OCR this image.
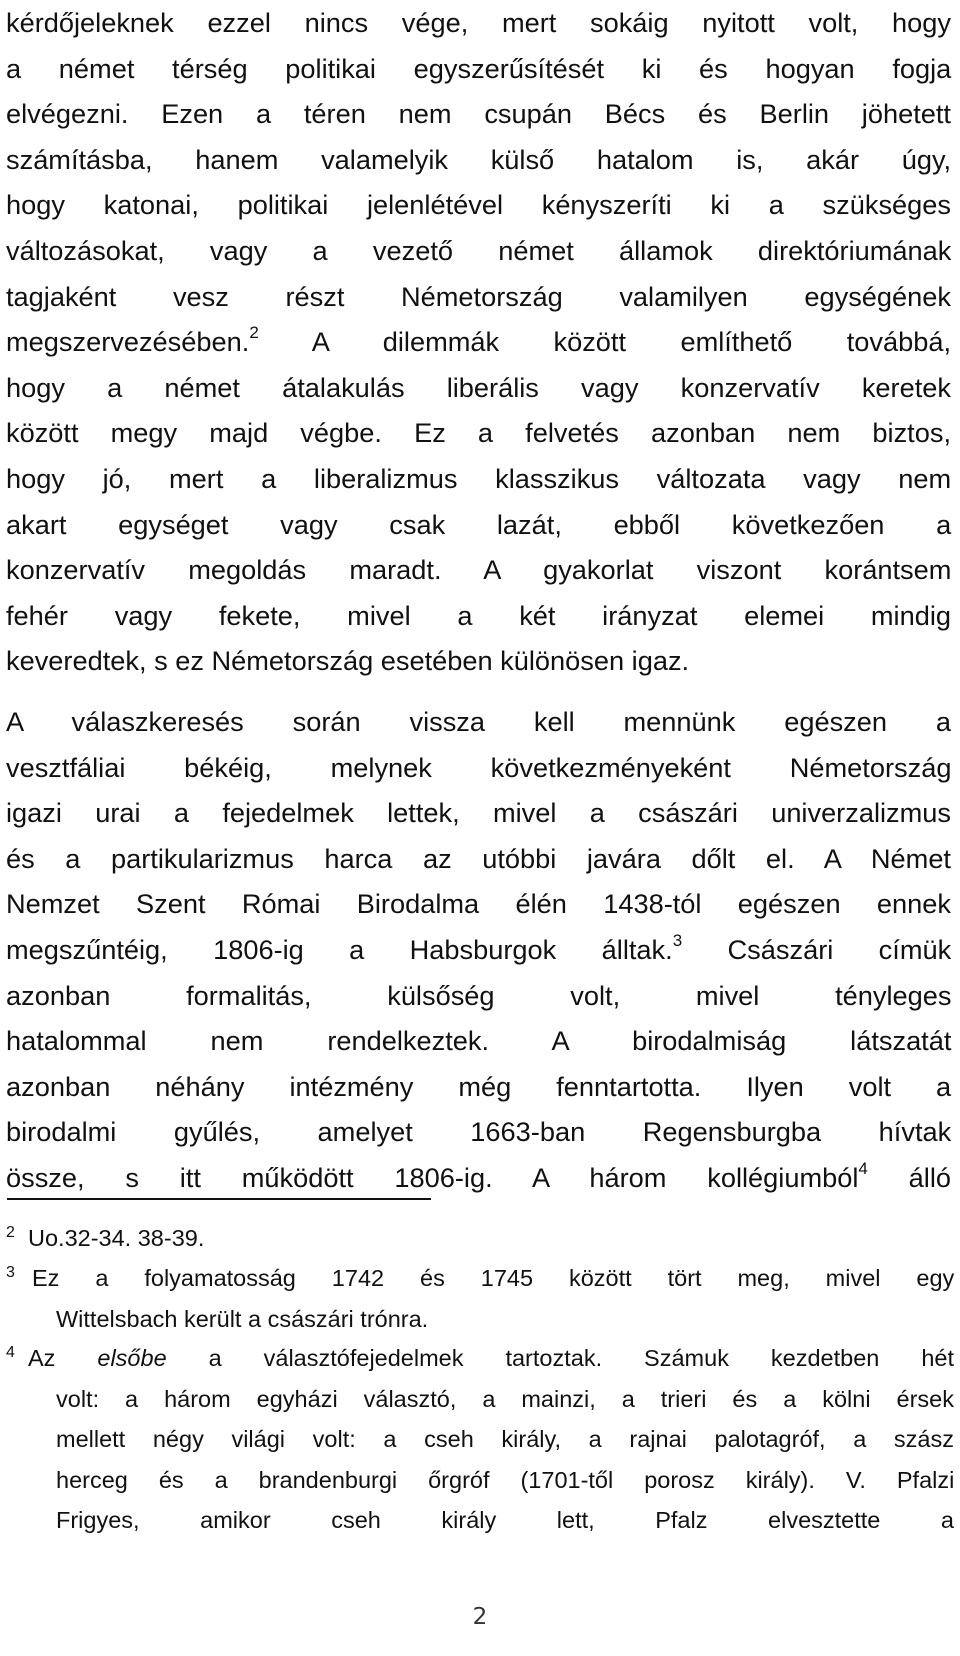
kérdőjeleknek ezzel nincs vége, mert sokáig nyitott volt, hogy
a német térség politikai egyszerűsítését ki és hogyan fogja
elvégezni. Ezen a téren nem csupán Bécs és Berlin jöhetett
számításba, hanem valamelyik külső hatalom is, akár úgy,
hogy katonai, politikai jelenlétével kényszeríti ki a szükséges
változásokat, vagy a vezető német államok direktóriumának
tagjaként vesz részt Németország valamilyen egységének
megszervezésében.$^2$ A dilemmák között említhető továbbá,
hogy a német átalakulás liberális vagy konzervatív keretek
között megy majd végbe. Ez a felvetés azonban nem biztos,
hogy jó, mert a liberalizmus klasszikus változata vagy nem
akart egységet vagy csak lazát, ebből következően a
konzervatív megoldás maradt. A gyakorlat viszont korántsem
fehér vagy fekete, mivel a két irányzat elemei mindig
keveredtek, s ez Németország esetében különösen igaz.
A válaszkeresés során vissza kell mennünk egészen a
vesztfáliai békéig, melynek következményeként Németország
igazi urai a fejedelmek lettek, mivel a császári univerzalizmus
és a partikularizmus harca az utóbbi javára dőlt el. A Német
Nemzet Szent Római Birodalma élén 1438-tól egészen ennek
megszűntéig, 1806-ig a Habsburgok álltak.$^3$ Császári címük
azonban formalitás, külsőség volt, mivel tényleges
hatalommal nem rendelkeztek. A birodalmiság látszatát
azonban néhány intézmény még fenntartotta. Ilyen volt a
birodalmi gyűlés, amelyet 1663-ban Regensburgba hívtak
össze, s itt működött 1806-ig. A három kollégiumból$^4$ álló
2 Uo.32-34. 38-39.
3 Ez a folyamatosság 1742 és 1745 között tört meg, mivel egy
Wittelsbach került a császári trónra.
4 Az elsőbe a választófejedelmek tartoztak. Számuk kezdetben hét
volt: a három egyházi választó, a mainzi, a trieri és a kölni érsek
mellett négy világi volt: a cseh király, a rajnai palotagróf, a szász
herceg és a brandenburgi őrgróf (1701-től porosz király). V. Pfalzi
Frigyes, amikor cseh király lett, Pfalz elvesztette a
2
